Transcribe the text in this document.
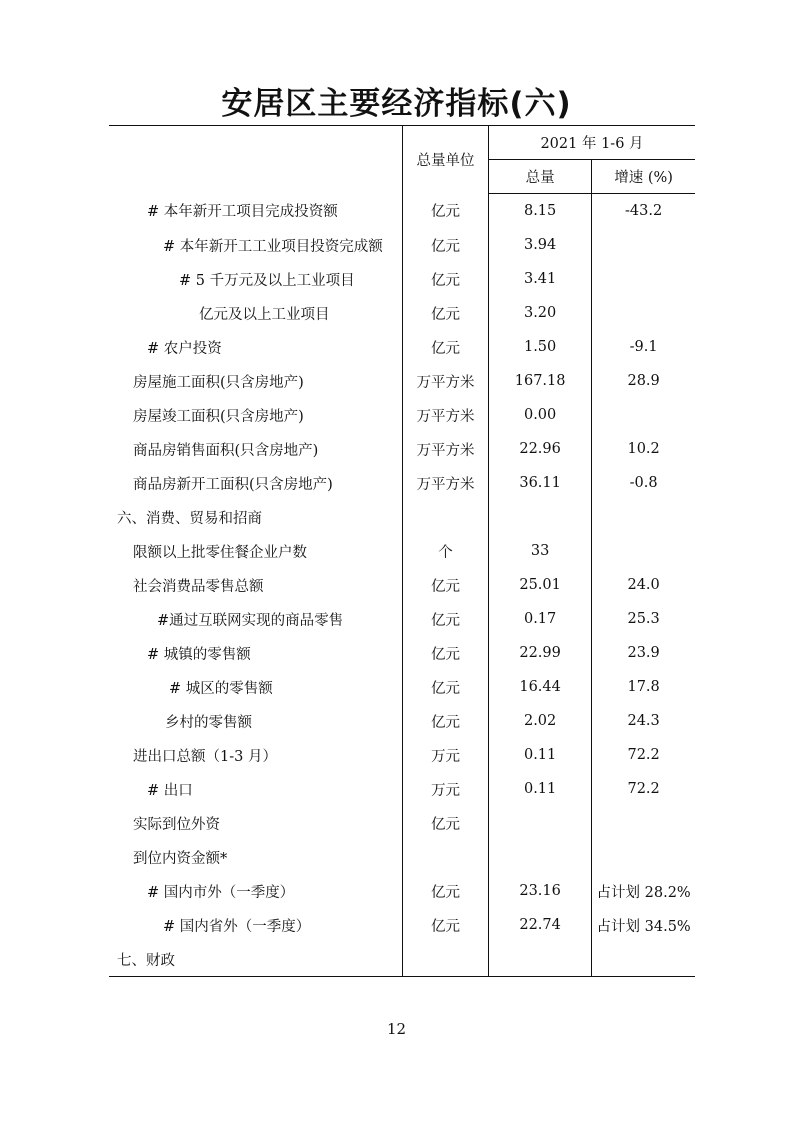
安居区主要经济指标(六)
	总量单位	2021 年 1-6 月	
		总量	增速 (%)
# 本年新开工项目完成投资额	亿元	8.15	-43.2
# 本年新开工工业项目投资完成额	亿元	3.94	
# 5 千万元及以上工业项目	亿元	3.41	
亿元及以上工业项目	亿元	3.20	
# 农户投资	亿元	1.50	-9.1
房屋施工面积(只含房地产)	万平方米	167.18	28.9
房屋竣工面积(只含房地产)	万平方米	0.00	
商品房销售面积(只含房地产)	万平方米	22.96	10.2
商品房新开工面积(只含房地产)	万平方米	36.11	-0.8
六、消费、贸易和招商			
限额以上批零住餐企业户数	个	33	
社会消费品零售总额	亿元	25.01	24.0
#通过互联网实现的商品零售	亿元	0.17	25.3
# 城镇的零售额	亿元	22.99	23.9
# 城区的零售额	亿元	16.44	17.8
乡村的零售额	亿元	2.02	24.3
进出口总额（1-3 月）	万元	0.11	72.2
# 出口	万元	0.11	72.2
实际到位外资	亿元		
到位内资金额*			
# 国内市外（一季度）	亿元	23.16	占计划 28.2%
# 国内省外（一季度）	亿元	22.74	占计划 34.5%
七、财政			
12
